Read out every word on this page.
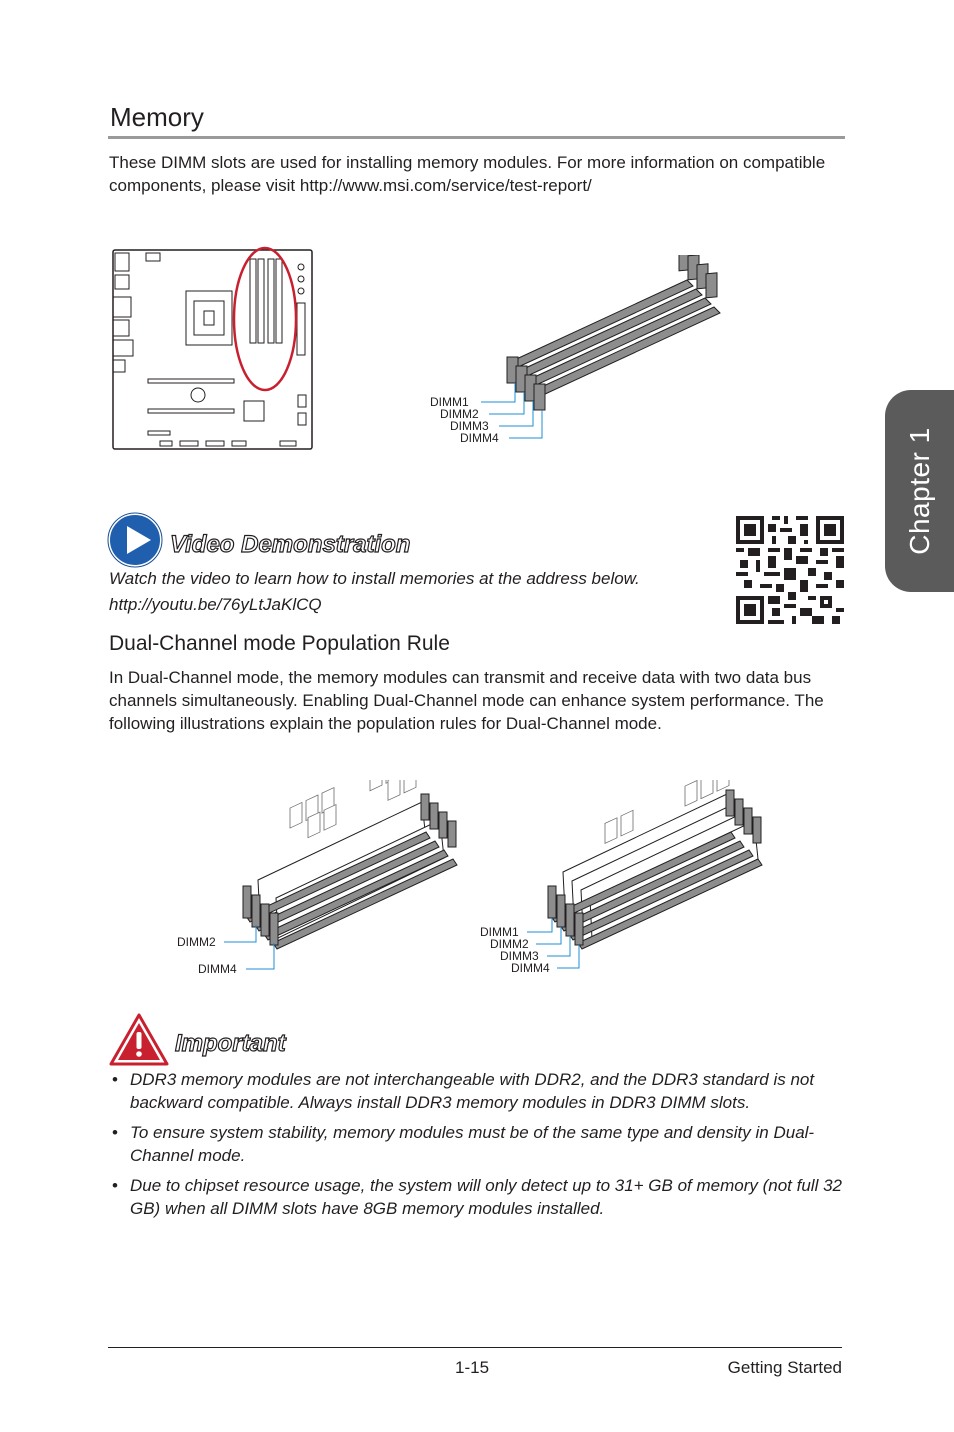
Memory
These DIMM slots are used for installing memory modules. For more information on compatible components, please visit http://www.msi.com/service/test-report/
Chapter 1
DIMM1
DIMM2
DIMM3
DIMM4
Video Demonstration
Watch the video to learn how to install memories at the address below.
http://youtu.be/76yLtJaKlCQ
Dual-Channel mode Population Rule
In Dual-Channel mode, the memory modules can transmit and receive data with two data bus channels simultaneously. Enabling Dual-Channel mode can enhance system performance. The following illustrations explain the population rules for Dual-Channel mode.
DIMM2
DIMM4
DIMM1
DIMM2
DIMM3
DIMM4
Important
• DDR3 memory modules are not interchangeable with DDR2, and the DDR3 standard is not backward compatible. Always install DDR3 memory modules in DDR3 DIMM slots.
• To ensure system stability, memory modules must be of the same type and density in Dual-Channel mode.
• Due to chipset resource usage, the system will only detect up to 31+ GB of memory (not full 32 GB) when all DIMM slots have 8GB memory modules installed.
1-15	Getting Started
